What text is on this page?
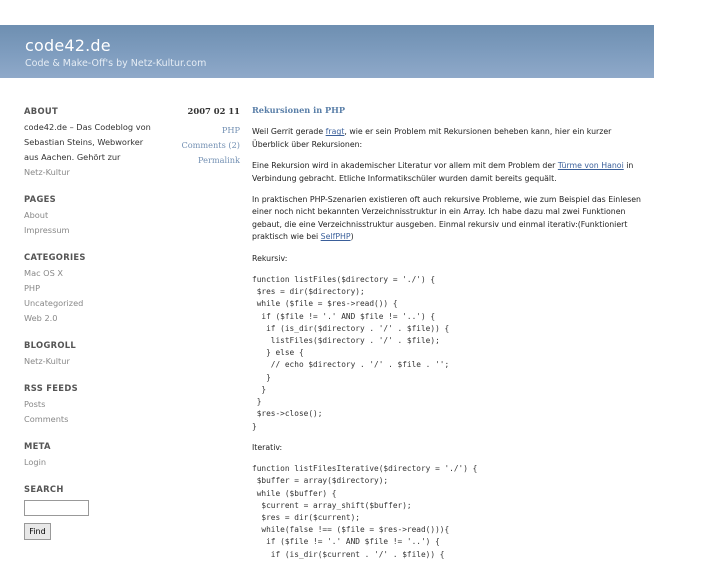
code42.de
Code & Make-Off's by Netz-Kultur.com
ABOUT
code42.de – Das Codeblog von Sebastian Steins, Webworker aus Aachen. Gehört zur
Netz-Kultur
PAGES
About
Impressum
CATEGORIES
Mac OS X
PHP
Uncategorized
Web 2.0
BLOGROLL
Netz-Kultur
RSS FEEDS
Posts
Comments
META
Login
SEARCH
Find
2007 02 11
PHP
Comments (2)
Permalink
Rekursionen in PHP

Weil Gerrit gerade fragt, wie er sein Problem mit Rekursionen beheben kann, hier ein kurzer Überblick über Rekursionen:

Eine Rekursion wird in akademischer Literatur vor allem mit dem Problem der Türme von Hanoi in Verbindung gebracht. Etliche Informatikschüler wurden damit bereits gequält.

In praktischen PHP-Szenarien existieren oft auch rekursive Probleme, wie zum Beispiel das Einlesen einer noch nicht bekannten Verzeichnisstruktur in ein Array. Ich habe dazu mal zwei Funktionen gebaut, die eine Verzeichnisstruktur ausgeben. Einmal rekursiv und einmal iterativ:(Funktioniert praktisch wie bei SelfPHP)

Rekursiv:

function listFiles($directory = './') {
$res = dir($directory);
while ($file = $res->read()) {
if ($file != '.' AND $file != '..') {
if (is_dir($directory . '/' . $file)) {
listFiles($directory . '/' . $file);
} else {
// echo $directory . '/' . $file . '';
}
}
}
$res->close();
}

Iterativ:

function listFilesIterative($directory = './') {
$buffer = array($directory);
while ($buffer) {
$current = array_shift($buffer);
$res = dir($current);
while(false !== ($file = $res->read())){
if ($file != '.' AND $file != '..') {
if (is_dir($current . '/' . $file)) {
